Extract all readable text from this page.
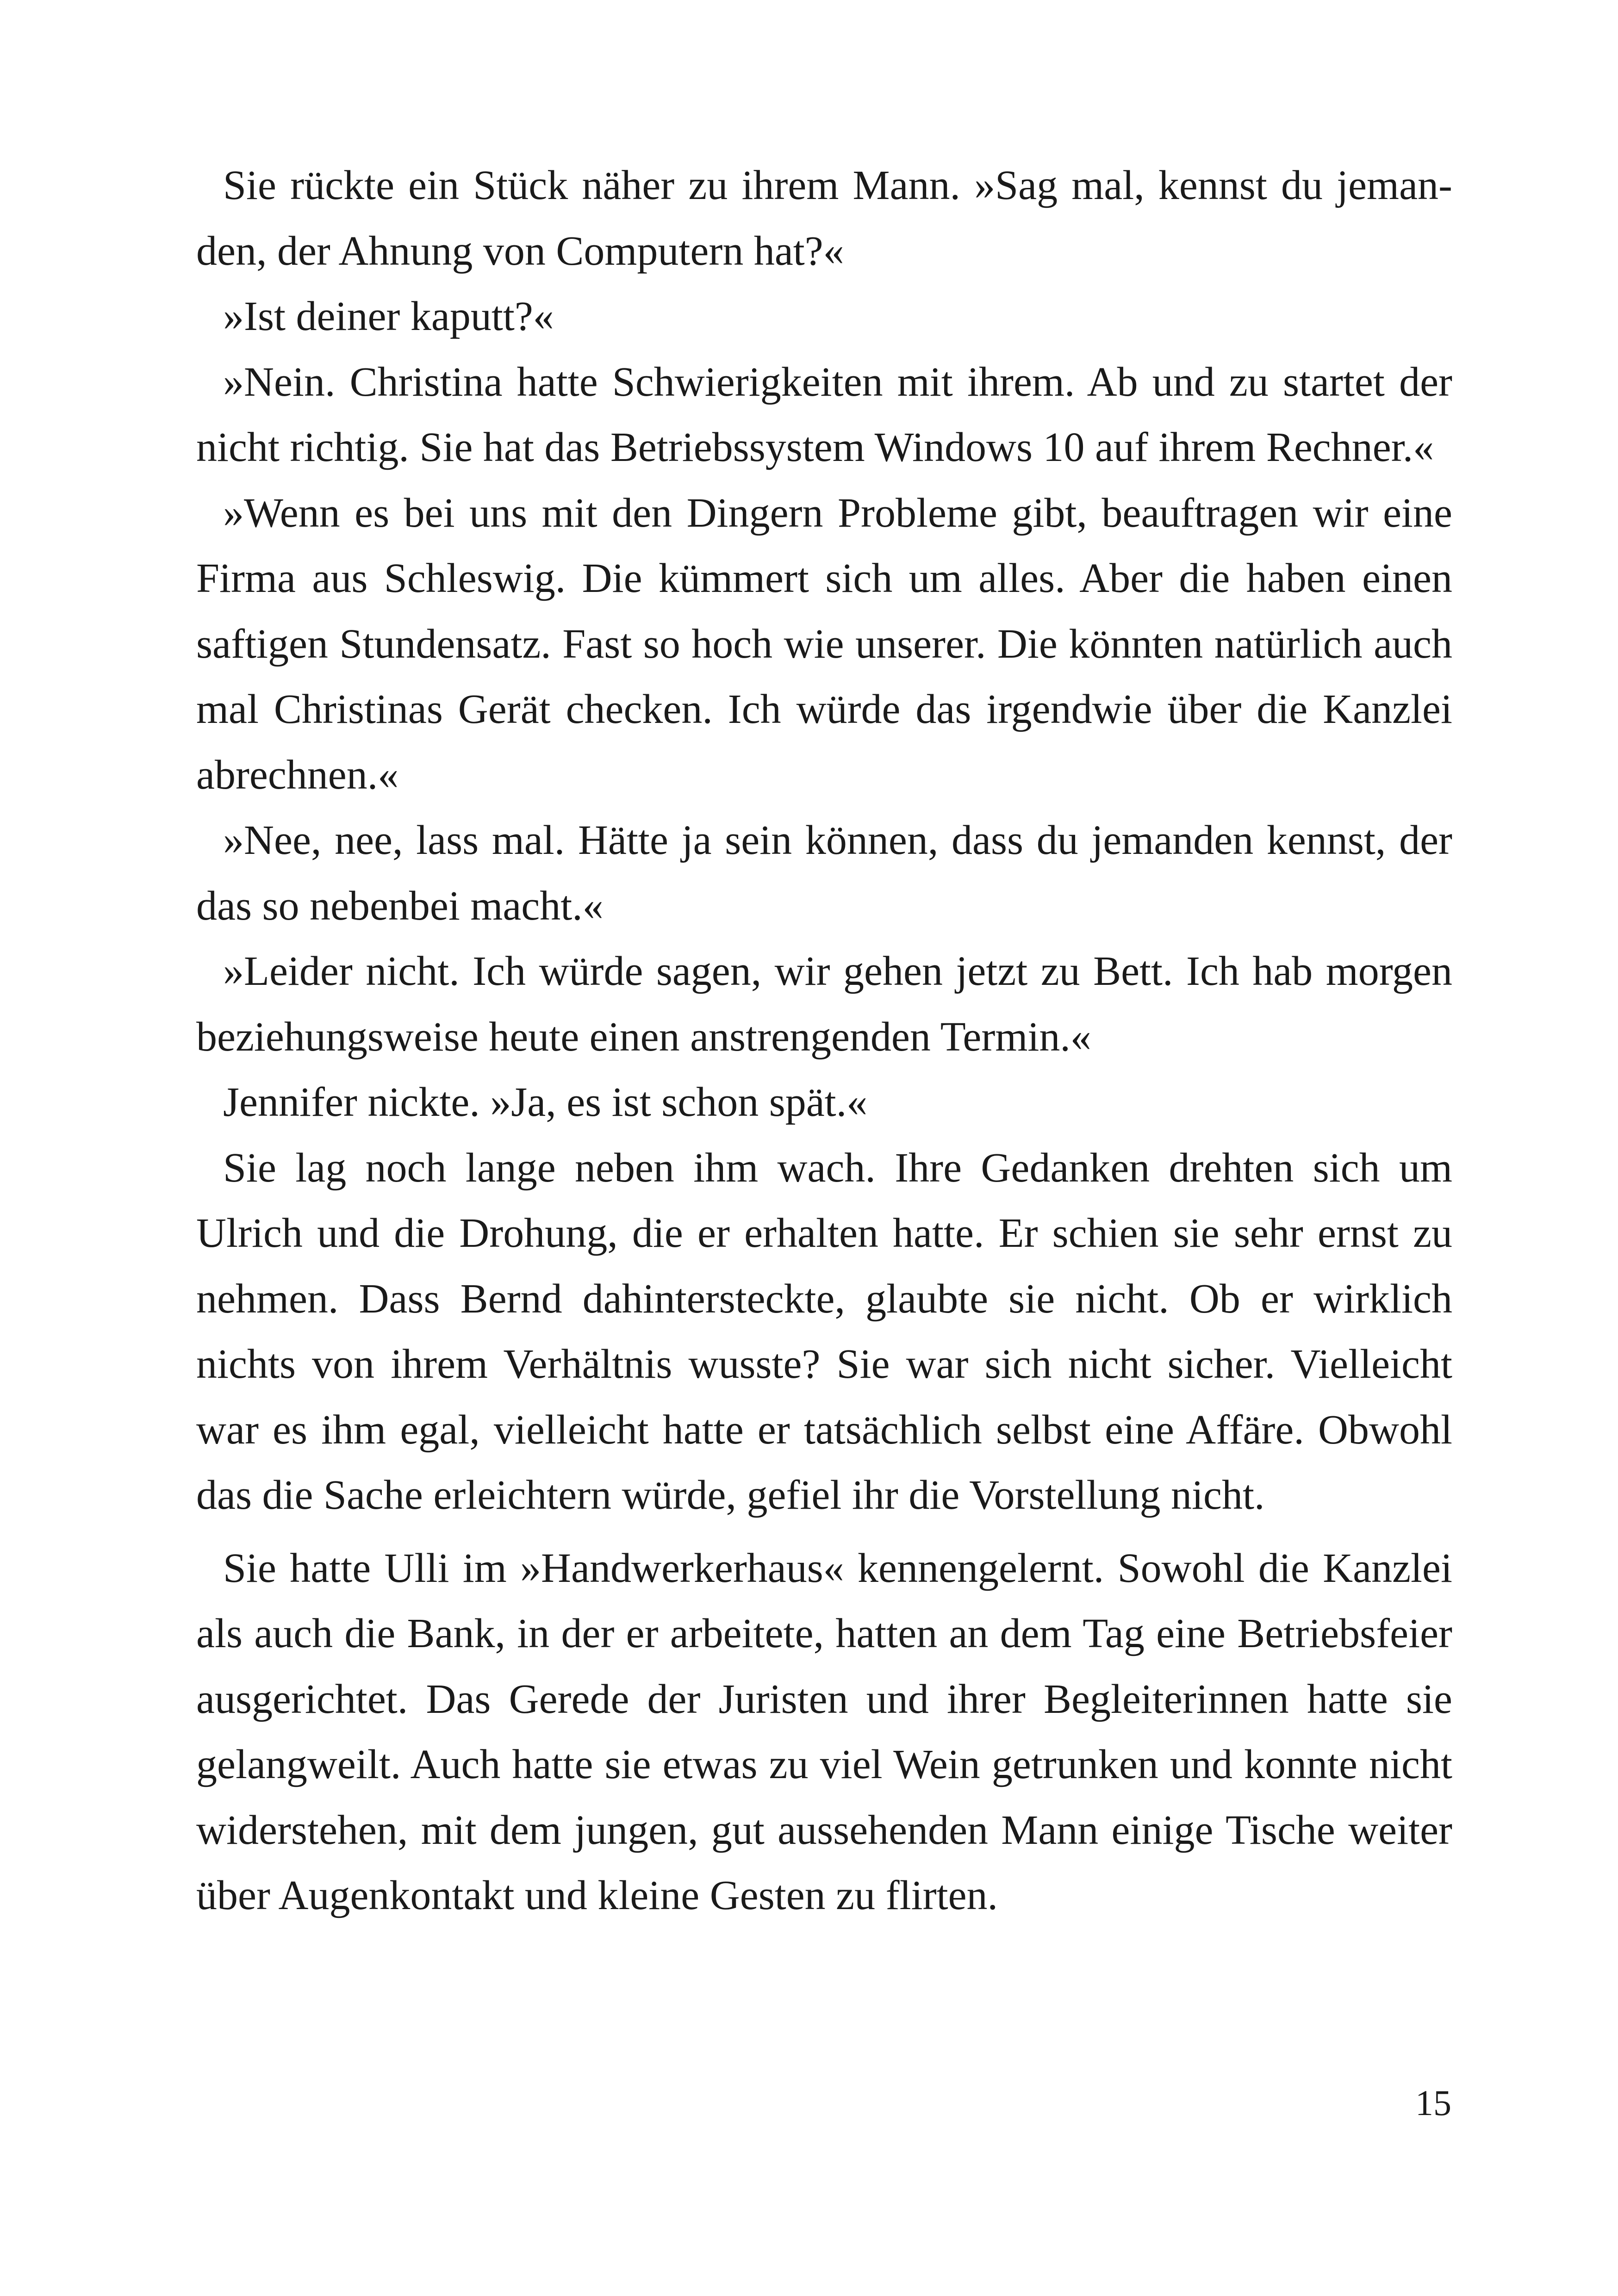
Sie rückte ein Stück näher zu ihrem Mann. »Sag mal, kennst du jemanden, der Ahnung von Computern hat?«

»Ist deiner kaputt?«

»Nein. Christina hatte Schwierigkeiten mit ihrem. Ab und zu startet der nicht richtig. Sie hat das Betriebssystem Windows 10 auf ihrem Rechner.«

»Wenn es bei uns mit den Dingern Probleme gibt, beauftragen wir eine Firma aus Schleswig. Die kümmert sich um alles. Aber die haben einen saftigen Stundensatz. Fast so hoch wie unserer. Die könnten natürlich auch mal Christinas Gerät checken. Ich würde das irgendwie über die Kanzlei abrechnen.«

»Nee, nee, lass mal. Hätte ja sein können, dass du jemanden kennst, der das so nebenbei macht.«

»Leider nicht. Ich würde sagen, wir gehen jetzt zu Bett. Ich hab morgen beziehungsweise heute einen anstrengenden Termin.«

Jennifer nickte. »Ja, es ist schon spät.«

Sie lag noch lange neben ihm wach. Ihre Gedanken drehten sich um Ulrich und die Drohung, die er erhalten hatte. Er schien sie sehr ernst zu nehmen. Dass Bernd dahintersteckte, glaubte sie nicht. Ob er wirklich nichts von ihrem Verhältnis wusste? Sie war sich nicht sicher. Vielleicht war es ihm egal, vielleicht hatte er tatsächlich selbst eine Affäre. Obwohl das die Sache erleichtern würde, gefiel ihr die Vorstellung nicht.

Sie hatte Ulli im »Handwerkerhaus« kennengelernt. Sowohl die Kanzlei als auch die Bank, in der er arbeitete, hatten an dem Tag eine Betriebsfeier ausgerichtet. Das Gerede der Juristen und ihrer Begleiterinnen hatte sie gelangweilt. Auch hatte sie etwas zu viel Wein getrunken und konnte nicht widerstehen, mit dem jungen, gut aussehenden Mann einige Tische weiter über Augenkontakt und kleine Gesten zu flirten.

15
